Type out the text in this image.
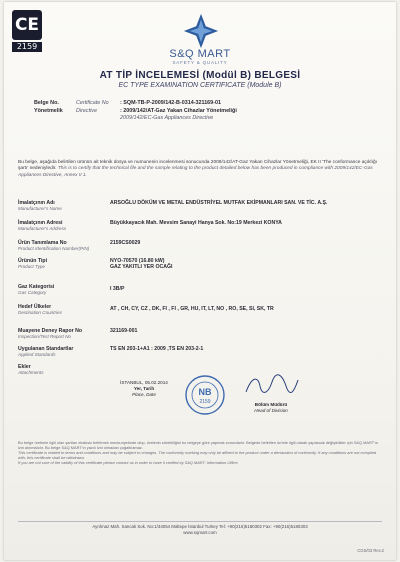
CE
2159
S&Q MART
SAFETY & QUALITY
AT TİP İNCELEMESİ (Modül B) BELGESİ
EC TYPE EXAMINATION CERTIFICATE (Module B)
Belge No.	Certificate No	: SQM-TB-P-2009/142-B-0314-321169-01
Yönetmelik	Directive	: 2009/142/AT-Gaz Yakan Cihazlar Yönetmeliği
2009/142/EC-Gas Appliances Directive
Bu belge, aşağıda belirtilen ürünün ait teknik dosya ve numunenin incelenmesi sonucunda 2009/142/AT-Gaz Yakan Cihazlar Yönetmeliği, EK II 'The conformance açıklığı şartı' nedeniyledir. This is to certify that the technical file and the sample relating to the product detailed below has been produced in compliance with 2009/142/EC-Gas Appliances Directive, Annex II 1.
İmalatçının Adı
Manufacturer's Name
ARSOĞLU DÖKÜM VE METAL ENDÜSTRİYEL MUTFAK EKİPMANLARI SAN. VE TİC. A.Ş.
İmalatçının Adresi
Manufacturer's Address
Büyükkayacık Mah. Mevsim Sanayi Hanya Sok. No:19 Merkezi KONYA
Ürün Tanımlama No
Product Identification Number(PIN)
2159CS0029
Ürünün Tipi
Product Type
NYO-70570 (16.80 kW)
GAZ YAKITLI YER OCAĞI
Gaz Kategorisi
Gas Category
I 3B/P
Hedef Ülkeler
Destination Countries
AT , CH, CY, CZ , DK, FI , FI , GR, HU, IT, LT, NO , RO, SE, SI, SK, TR
Muayene Deney Rapor No
Inspection/Test Report No
321169-001
Uygulanan Standartlar
Applied Standards
TS EN 203-1+A1 : 2009 ,TS EN 203-2-1
Ekler
Attachments
İSTANBUL, 05.02.2014
Yer, Tarih
Place, Date	NB
2159	Bölüm Müdürü
Head of Division
Bu belge üretimle ilgili olan şartları eksiksiz belirtmek mecburiyetinde olup, üretimin sürekliliğini bu belgeye göre yapmak zorundadır. Belgede belirtilen ürünle ilgili olarak yapılacak değişiklikler için S&Q MART'ın izni alınmalıdır. Bu belge S&Q MART'ın yazılı izni olmadan çoğaltılamaz.
This certificate is related to terms and conditions and may be subject to changes. The conformity marking may only be affixed to the product under a declaration of conformity. If any conditions are not complied with, this certificate shall be withdrawn.
If you are not sure of the validity of this certificate please contact us in order to have it verified by S&Q MART. Information Office.
Ayrılmaz Mah. Sancak Sok. No:1/34054 Maltepe İstanbul Turkey Tel: +90(216)5180302 Fax: +90(216)5180303
www.sqmart.com
CGS/03 Rev.2
